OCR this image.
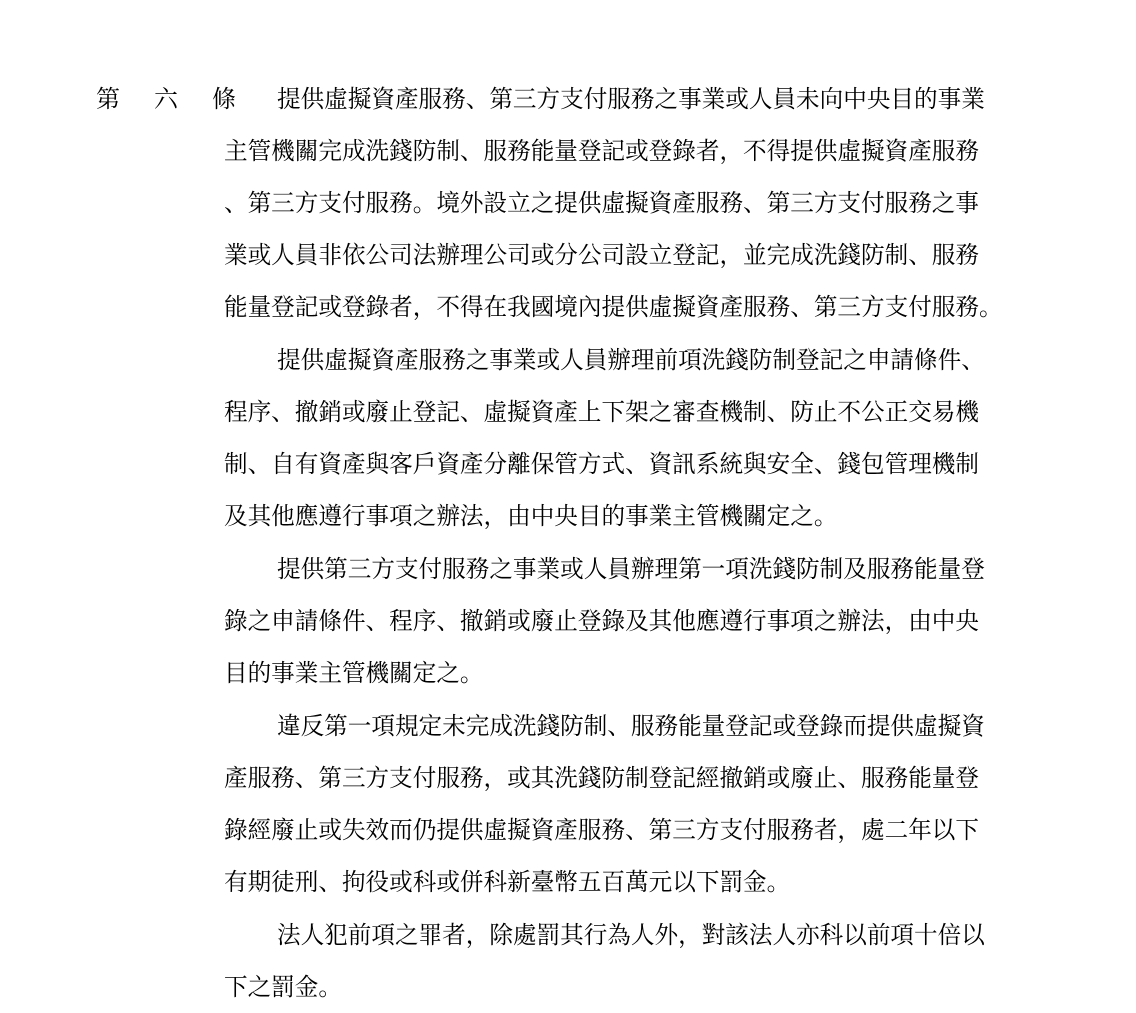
第 六 條 提供虛擬資產服務、第三方支付服務之事業或人員未向中央目的事業
主管機關完成洗錢防制、服務能量登記或登錄者，不得提供虛擬資產服務
、第三方支付服務。境外設立之提供虛擬資產服務、第三方支付服務之事
業或人員非依公司法辦理公司或分公司設立登記，並完成洗錢防制、服務
能量登記或登錄者，不得在我國境內提供虛擬資產服務、第三方支付服務。
提供虛擬資產服務之事業或人員辦理前項洗錢防制登記之申請條件、
程序、撤銷或廢止登記、虛擬資產上下架之審查機制、防止不公正交易機
制、自有資產與客戶資產分離保管方式、資訊系統與安全、錢包管理機制
及其他應遵行事項之辦法，由中央目的事業主管機關定之。
提供第三方支付服務之事業或人員辦理第一項洗錢防制及服務能量登
錄之申請條件、程序、撤銷或廢止登錄及其他應遵行事項之辦法，由中央
目的事業主管機關定之。
違反第一項規定未完成洗錢防制、服務能量登記或登錄而提供虛擬資
產服務、第三方支付服務，或其洗錢防制登記經撤銷或廢止、服務能量登
錄經廢止或失效而仍提供虛擬資產服務、第三方支付服務者，處二年以下
有期徒刑、拘役或科或併科新臺幣五百萬元以下罰金。
法人犯前項之罪者，除處罰其行為人外，對該法人亦科以前項十倍以
下之罰金。
